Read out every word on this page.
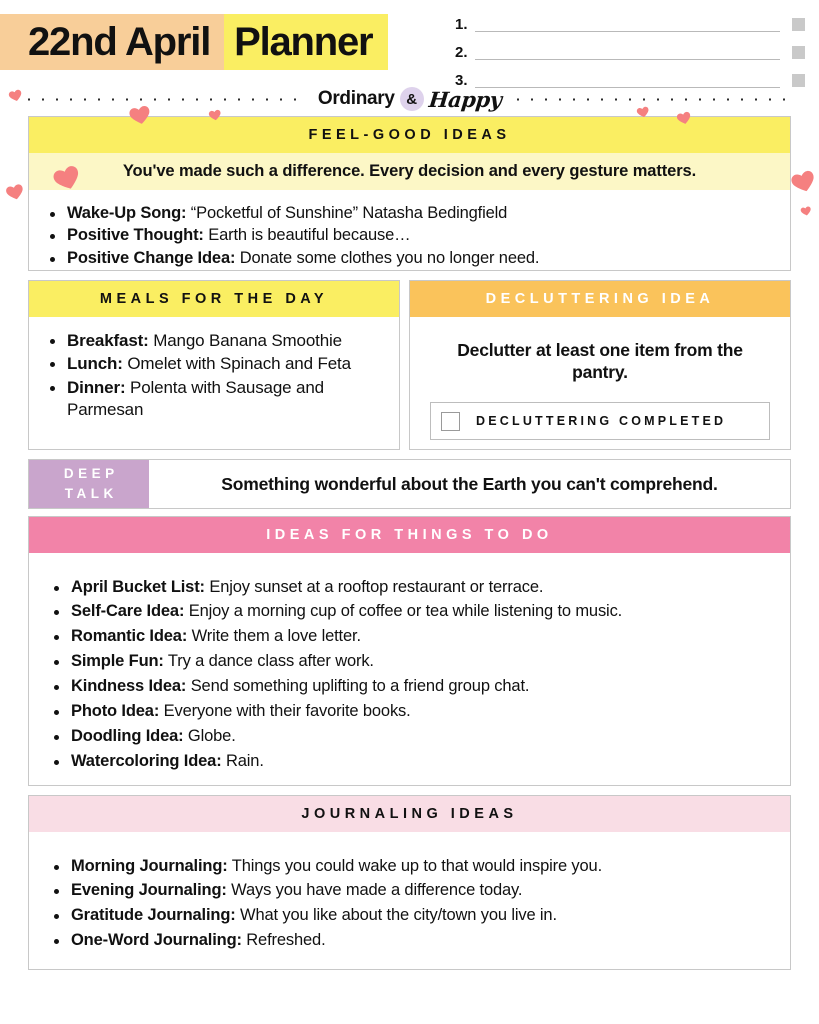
22nd April Planner	1.
2.
3.
Ordinary & Happy
FEEL-GOOD IDEAS
You've made such a difference. Every decision and every gesture matters.
Wake-Up Song: “Pocketful of Sunshine” Natasha Bedingfield
Positive Thought: Earth is beautiful because…
Positive Change Idea: Donate some clothes you no longer need.
MEALS FOR THE DAY
Breakfast: Mango Banana Smoothie
Lunch: Omelet with Spinach and Feta
Dinner: Polenta with Sausage and Parmesan
DECLUTTERING IDEA
Declutter at least one item from the pantry.
DECLUTTERING COMPLETED
DEEP
TALK	Something wonderful about the Earth you can't comprehend.
IDEAS FOR THINGS TO DO
April Bucket List: Enjoy sunset at a rooftop restaurant or terrace.
Self-Care Idea: Enjoy a morning cup of coffee or tea while listening to music.
Romantic Idea: Write them a love letter.
Simple Fun: Try a dance class after work.
Kindness Idea: Send something uplifting to a friend group chat.
Photo Idea: Everyone with their favorite books.
Doodling Idea: Globe.
Watercoloring Idea: Rain.
JOURNALING IDEAS
Morning Journaling: Things you could wake up to that would inspire you.
Evening Journaling: Ways you have made a difference today.
Gratitude Journaling: What you like about the city/town you live in.
One-Word Journaling: Refreshed.
